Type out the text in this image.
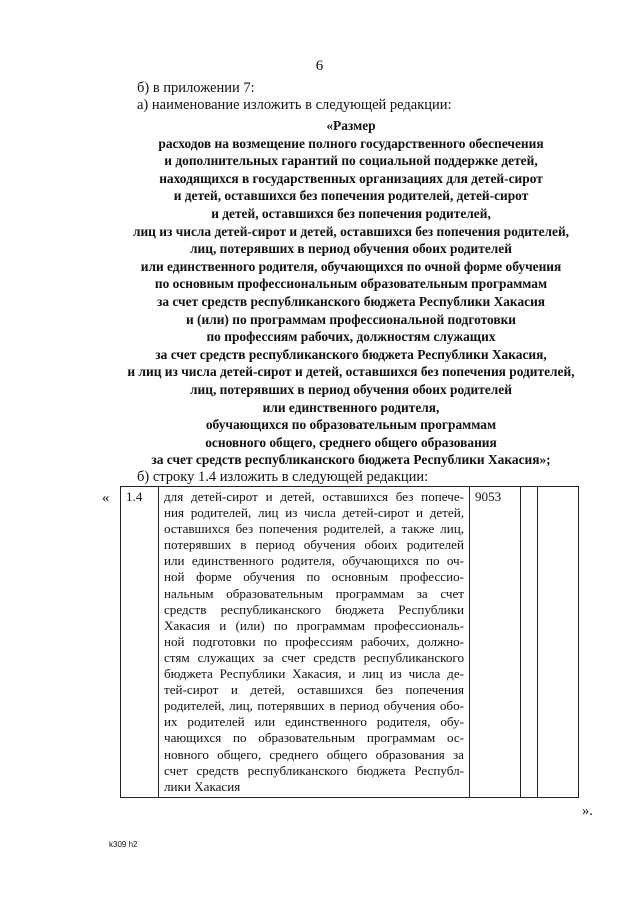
6
б) в приложении 7:
а) наименование изложить в следующей редакции:
«Размер
расходов на возмещение полного государственного обеспечения
и дополнительных гарантий по социальной поддержке детей,
находящихся в государственных организациях для детей-сирот
и детей, оставшихся без попечения родителей, детей-сирот
и детей, оставшихся без попечения родителей,
лиц из числа детей-сирот и детей, оставшихся без попечения родителей,
лиц, потерявших в период обучения обоих родителей
или единственного родителя, обучающихся по очной форме обучения
по основным профессиональным образовательным программам
за счет средств республиканского бюджета Республики Хакасия
и (или) по программам профессиональной подготовки
по профессиям рабочих, должностям служащих
за счет средств республиканского бюджета Республики Хакасия,
и лиц из числа детей-сирот и детей, оставшихся без попечения родителей,
лиц, потерявших в период обучения обоих родителей
или единственного родителя,
обучающихся по образовательным программам
основного общего, среднего общего образования
за счет средств республиканского бюджета Республики Хакасия»;
б) строку 1.4 изложить в следующей редакции:
« 1.4	для детей-сирот и детей, оставшихся без попече-
ния родителей, лиц из числа детей-сирот и детей,
оставшихся без попечения родителей, а также лиц,
потерявших в период обучения обоих родителей
или единственного родителя, обучающихся по оч-
ной форме обучения по основным профессио-
нальным образовательным программам за счет
средств республиканского бюджета Республики
Хакасия и (или) по программам профессиональ-
ной подготовки по профессиям рабочих, должно-
стям служащих за счет средств республиканского
бюджета Республики Хакасия, и лиц из числа де-
тей-сирот и детей, оставшихся без попечения
родителей, лиц, потерявших в период обучения обо-
их родителей или единственного родителя, обу-
чающихся по образовательным программам ос-
новного общего, среднего общего образования за
счет средств республиканского бюджета Республ-
лики Хакасия
	9053		
».
k309 h2
